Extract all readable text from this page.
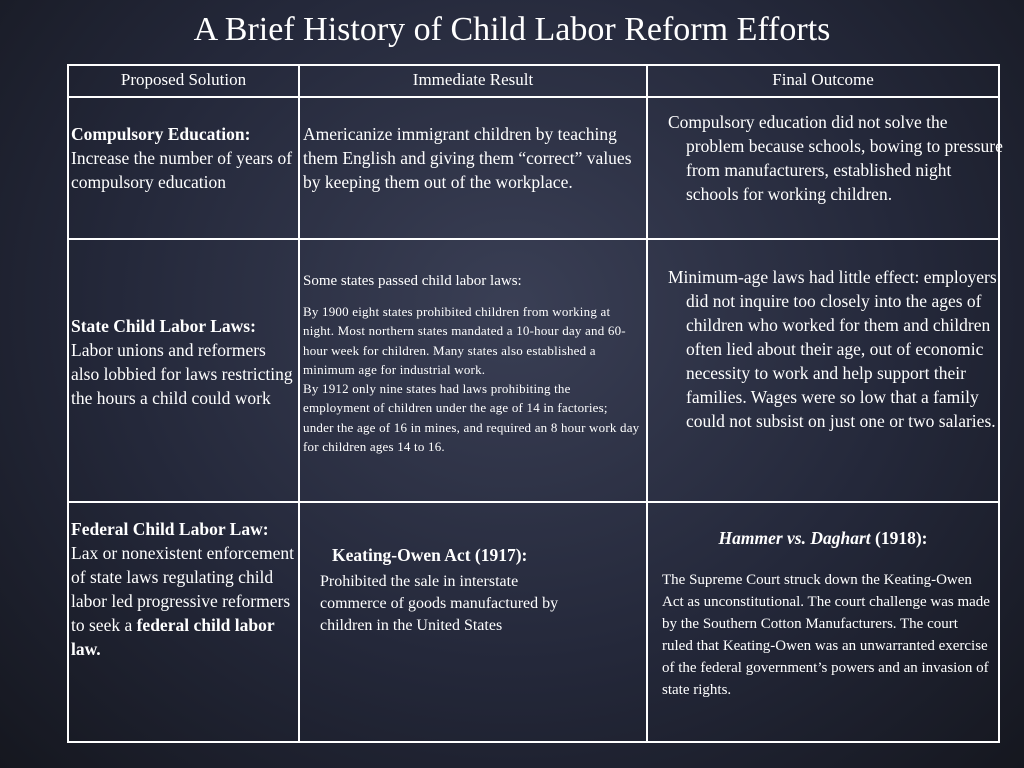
A Brief History of Child Labor Reform Efforts
Proposed Solution	Immediate Result	Final Outcome
Compulsory Education:
Increase the number of years of compulsory education
Americanize immigrant children by teaching them English and giving them “correct” values by keeping them out of the workplace.
Compulsory education did not solve the problem because schools, bowing to pressure from manufacturers, established night schools for working children.
State Child Labor Laws:
Labor unions and reformers also lobbied for laws restricting the hours a child could work
Some states passed child labor laws:
By 1900 eight states prohibited children from working at night. Most northern states mandated a 10-hour day and 60-hour week for children. Many states also established a minimum age for industrial work.
By 1912 only nine states had laws prohibiting the employment of children under the age of 14 in factories; under the age of 16 in mines, and required an 8 hour work day for children ages 14 to 16.
Minimum-age laws had little effect: employers did not inquire too closely into the ages of children who worked for them and children often lied about their age, out of economic necessity to work and help support their families. Wages were so low that a family could not subsist on just one or two salaries.
Federal Child Labor Law:
Lax or nonexistent enforcement of state laws regulating child labor led progressive reformers to seek a federal child labor law.
Keating-Owen Act (1917):
Prohibited the sale in interstate commerce of goods manufactured by children in the United States
Hammer vs. Daghart (1918):
The Supreme Court struck down the Keating-Owen Act as unconstitutional. The court challenge was made by the Southern Cotton Manufacturers. The court ruled that Keating-Owen was an unwarranted exercise of the federal government’s powers and an invasion of state rights.
